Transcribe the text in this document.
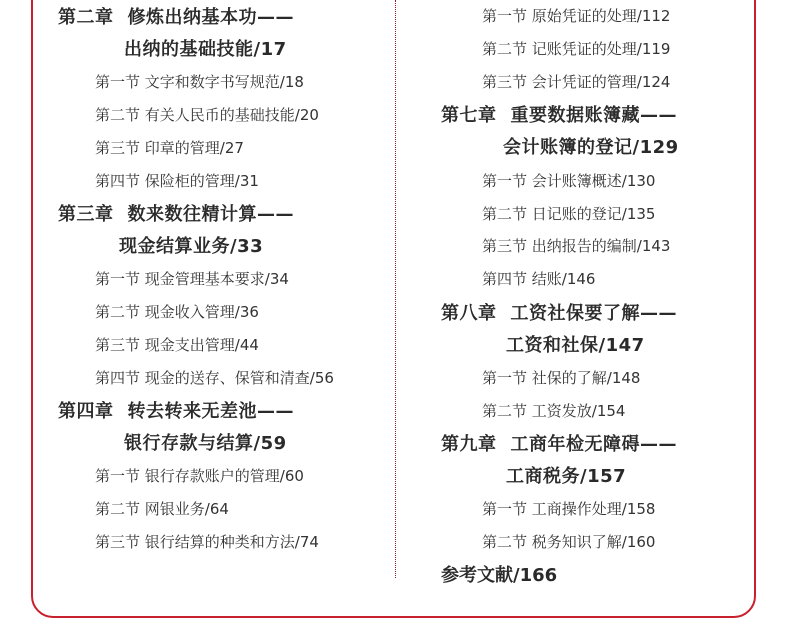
第二章 修炼出纳基本功——
出纳的基础技能/17
第一节 文字和数字书写规范/18
第二节 有关人民币的基础技能/20
第三节 印章的管理/27
第四节 保险柜的管理/31
第三章 数来数往精计算——
现金结算业务/33
第一节 现金管理基本要求/34
第二节 现金收入管理/36
第三节 现金支出管理/44
第四节 现金的送存、保管和清查/56
第四章 转去转来无差池——
银行存款与结算/59
第一节 银行存款账户的管理/60
第二节 网银业务/64
第三节 银行结算的种类和方法/74
第一节 原始凭证的处理/112
第二节 记账凭证的处理/119
第三节 会计凭证的管理/124
第七章 重要数据账簿藏——
会计账簿的登记/129
第一节 会计账簿概述/130
第二节 日记账的登记/135
第三节 出纳报告的编制/143
第四节 结账/146
第八章 工资社保要了解——
工资和社保/147
第一节 社保的了解/148
第二节 工资发放/154
第九章 工商年检无障碍——
工商税务/157
第一节 工商操作处理/158
第二节 税务知识了解/160
参考文献/166
